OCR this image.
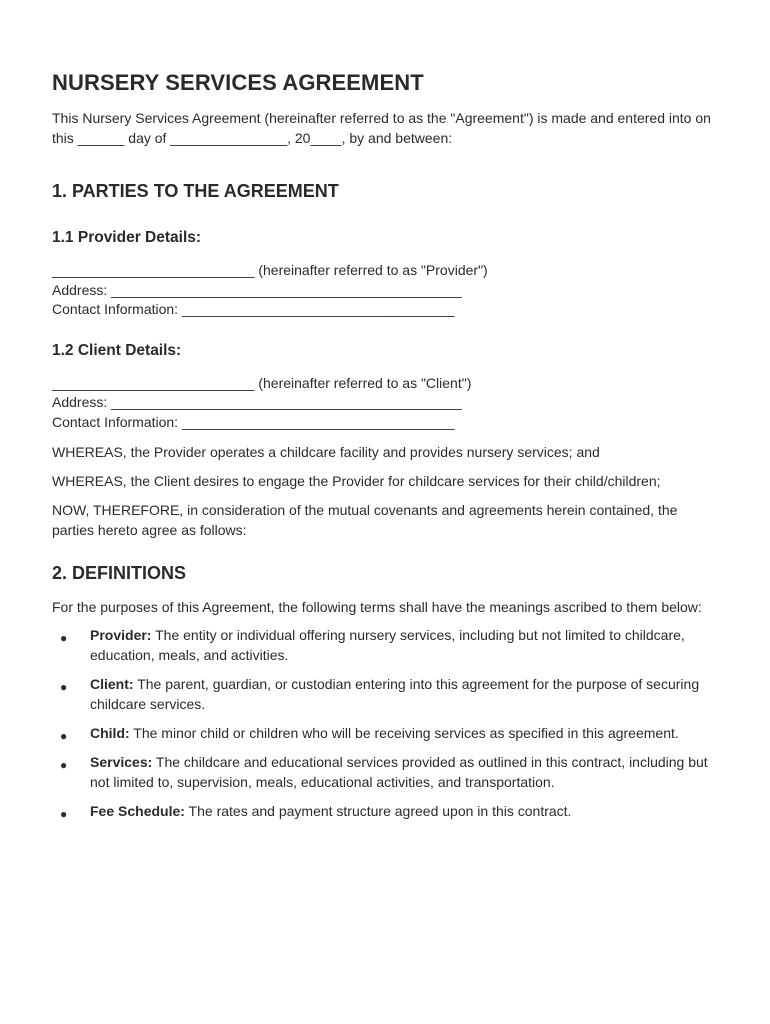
NURSERY SERVICES AGREEMENT

This Nursery Services Agreement (hereinafter referred to as the "Agreement") is made and entered into on this ______ day of _______________, 20____, by and between:

1. PARTIES TO THE AGREEMENT
1.1 Provider Details:
__________________________ (hereinafter referred to as "Provider")
Address: _____________________________________________
Contact Information: ___________________________________
1.2 Client Details:
__________________________ (hereinafter referred to as "Client")
Address: _____________________________________________
Contact Information: ___________________________________

WHEREAS, the Provider operates a childcare facility and provides nursery services; and

WHEREAS, the Client desires to engage the Provider for childcare services for their child/children;

NOW, THEREFORE, in consideration of the mutual covenants and agreements herein contained, the parties hereto agree as follows:

2. DEFINITIONS

For the purposes of this Agreement, the following terms shall have the meanings ascribed to them below:

● Provider: The entity or individual offering nursery services, including but not limited to childcare, education, meals, and activities.
● Client: The parent, guardian, or custodian entering into this agreement for the purpose of securing childcare services.
● Child: The minor child or children who will be receiving services as specified in this agreement.
● Services: The childcare and educational services provided as outlined in this contract, including but not limited to, supervision, meals, educational activities, and transportation.
● Fee Schedule: The rates and payment structure agreed upon in this contract.
